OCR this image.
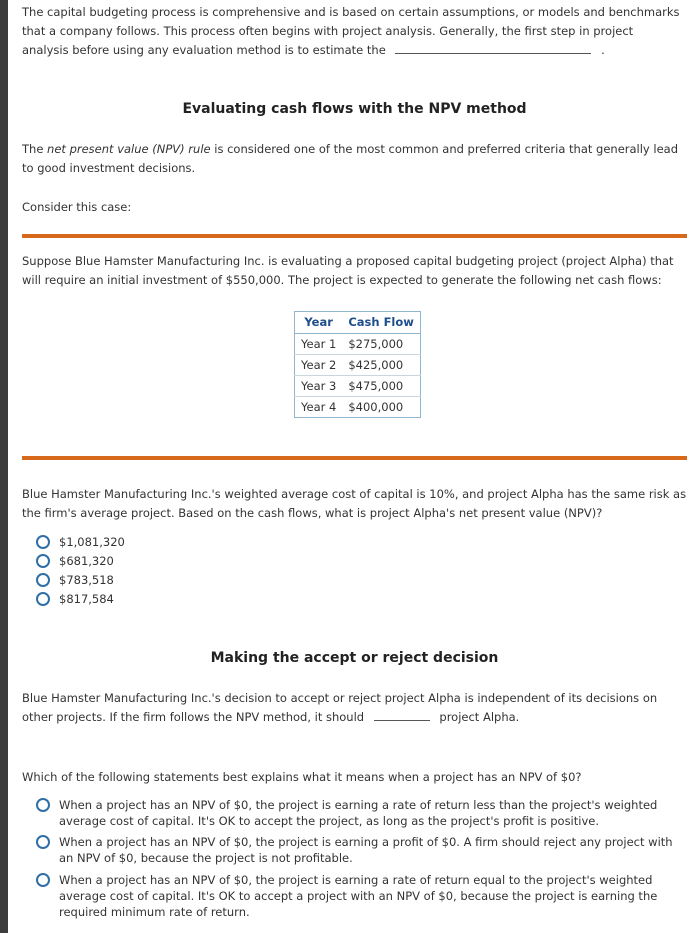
The capital budgeting process is comprehensive and is based on certain assumptions, or models and benchmarks that a company follows. This process often begins with project analysis. Generally, the first step in project analysis before using any evaluation method is to estimate the	.

Evaluating cash flows with the NPV method

The net present value (NPV) rule is considered one of the most common and preferred criteria that generally lead to good investment decisions.

Consider this case:

Suppose Blue Hamster Manufacturing Inc. is evaluating a proposed capital budgeting project (project Alpha) that will require an initial investment of $550,000. The project is expected to generate the following net cash flows:

Year	Cash Flow
Year 1	$275,000
Year 2	$425,000
Year 3	$475,000
Year 4	$400,000

Blue Hamster Manufacturing Inc.'s weighted average cost of capital is 10%, and project Alpha has the same risk as the firm's average project. Based on the cash flows, what is project Alpha's net present value (NPV)?

$1,081,320
$681,320
$783,518
$817,584
Making the accept or reject decision

Blue Hamster Manufacturing Inc.'s decision to accept or reject project Alpha is independent of its decisions on other projects. If the firm follows the NPV method, it should	project Alpha.

Which of the following statements best explains what it means when a project has an NPV of $0?

When a project has an NPV of $0, the project is earning a rate of return less than the project's weighted average cost of capital. It's OK to accept the project, as long as the project's profit is positive.
When a project has an NPV of $0, the project is earning a profit of $0. A firm should reject any project with an NPV of $0, because the project is not profitable.
When a project has an NPV of $0, the project is earning a rate of return equal to the project's weighted average cost of capital. It's OK to accept a project with an NPV of $0, because the project is earning the required minimum rate of return.
